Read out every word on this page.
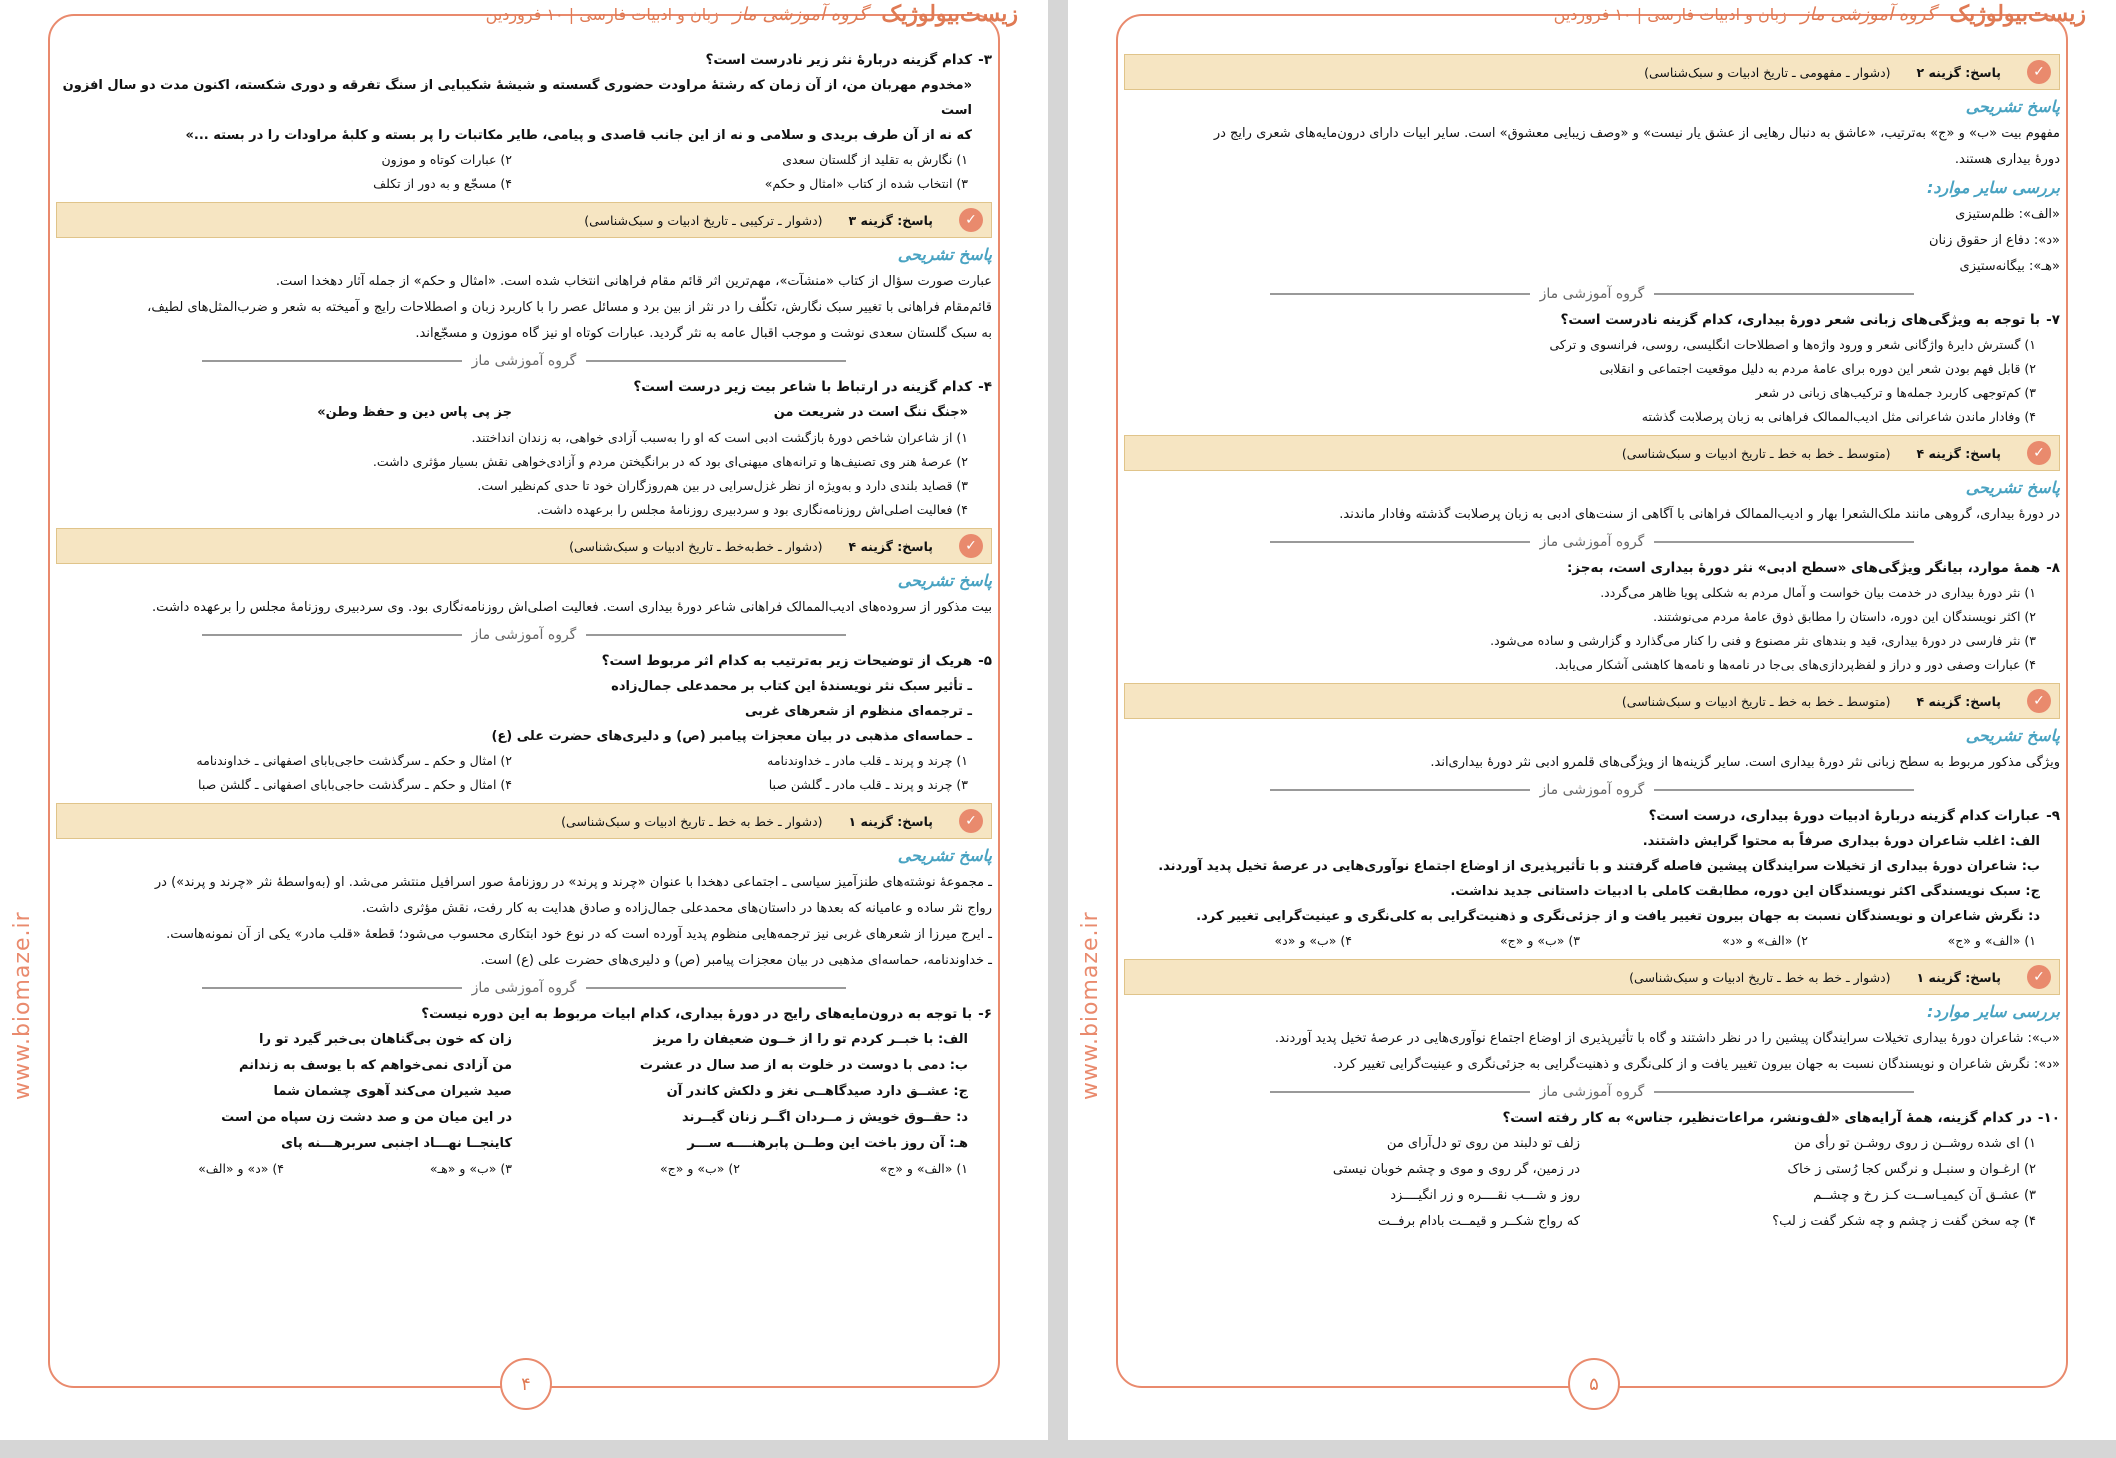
www.biomaze.ir
زیست‌بیولوژیک
گروه آموزشی ماز
زبان و ادبیات فارسی | ۱۰ فروردین
✓
پاسخ: گزینه ۲
(دشوار ـ مفهومی ـ تاریخ ادبیات و سبک‌شناسی)
پاسخ تشریحی
مفهوم بیت «ب» و «ج» به‌ترتیب، «عاشق به دنبال رهایی از عشق یار نیست» و «وصف زیبایی معشوق» است. سایر ابیات دارای درون‌مایه‌های شعری رایج در
دورۀ بیداری هستند.
بررسی سایر موارد:
«الف»: ظلم‌ستیزی
«د»: دفاع از حقوق زنان
«هـ»: بیگانه‌ستیزی
گروه آموزشی ماز
۷-با توجه به ویژگی‌های زبانی شعر دورۀ بیداری، کدام گزینه نادرست است؟
۱) گسترش دایرۀ واژگانی شعر و ورود واژه‌ها و اصطلاحات انگلیسی، روسی، فرانسوی و ترکی
۲) قابل فهم بودن شعر این دوره برای عامۀ مردم به دلیل موقعیت اجتماعی و انقلابی
۳) کم‌توجهی کاربرد جمله‌ها و ترکیب‌های زبانی در شعر
۴) وفادار ماندن شاعرانی مثل ادیب‌الممالک فراهانی به زبان پرصلابت گذشته
✓
پاسخ: گزینه ۴
(متوسط ـ خط به خط ـ تاریخ ادبیات و سبک‌شناسی)
پاسخ تشریحی
در دورۀ بیداری، گروهی مانند ملک‌الشعرا بهار و ادیب‌الممالک فراهانی با آگاهی از سنت‌های ادبی به زبان پرصلابت گذشته وفادار ماندند.
گروه آموزشی ماز
۸-همۀ موارد، بیانگر ویژگی‌های «سطح ادبی» نثر دورۀ بیداری است، به‌جز:
۱) نثر دورۀ بیداری در خدمت بیان خواست و آمال مردم به شکلی پویا ظاهر می‌گردد.
۲) اکثر نویسندگان این دوره، داستان را مطابق ذوق عامۀ مردم می‌نوشتند.
۳) نثر فارسی در دورۀ بیداری، قید و بندهای نثر مصنوع و فنی را کنار می‌گذارد و گزارشی و ساده می‌شود.
۴) عبارات وصفی دور و دراز و لفظ‌پردازی‌های بی‌جا در نامه‌ها و نامه‌ها کاهشی آشکار می‌یابد.
✓
پاسخ: گزینه ۴
(متوسط ـ خط به خط ـ تاریخ ادبیات و سبک‌شناسی)
پاسخ تشریحی
ویژگی مذکور مربوط به سطح زبانی نثر دورۀ بیداری است. سایر گزینه‌ها از ویژگی‌های قلمرو ادبی نثر دورۀ بیداری‌اند.
گروه آموزشی ماز
۹-عبارات کدام گزینه دربارۀ ادبیات دورۀ بیداری، درست است؟
الف: اغلب شاعران دورۀ بیداری صرفاً به محتوا گرایش داشتند.
ب: شاعران دورۀ بیداری از تخیلات سرایندگان پیشین فاصله گرفتند و با تأثیرپذیری از اوضاع اجتماع نوآوری‌هایی در عرصۀ تخیل پدید آوردند.
ج: سبک نویسندگی اکثر نویسندگان این دوره، مطابقت کاملی با ادبیات داستانی جدید نداشت.
د: نگرش شاعران و نویسندگان نسبت به جهان بیرون تغییر یافت و از جزئی‌نگری و ذهنیت‌گرایی به کلی‌نگری و عینیت‌گرایی تغییر کرد.
۱) «الف» و «ج»
۲) «الف» و «د»
۳) «ب» و «ج»
۴) «ب» و «د»
✓
پاسخ: گزینه ۱
(دشوار ـ خط به خط ـ تاریخ ادبیات و سبک‌شناسی)
بررسی سایر موارد:
«ب»: شاعران دورۀ بیداری تخیلات سرایندگان پیشین را در نظر داشتند و گاه با تأثیرپذیری از اوضاع اجتماع نوآوری‌هایی در عرصۀ تخیل پدید آوردند.
«د»: نگرش شاعران و نویسندگان نسبت به جهان بیرون تغییر یافت و از کلی‌نگری و ذهنیت‌گرایی به جزئی‌نگری و عینیت‌گرایی تغییر کرد.
گروه آموزشی ماز
۱۰-در کدام گزینه، همۀ آرایه‌های «لف‌ونشر، مراعات‌نظیر، جناس» به کار رفته است؟
۱) ای شده روشــن ز روی روشـن تو رأی من
زلف تو دلبند من روی تو دل‌آرای من
۲) ارغـوان و سنبـل و نرگس کجا رُستی ز خاک
در زمین، گر روی و موی و چشم خوبان نیستی
۳) عشـق آن کیمیـاســت کـز رخ و چشــم
روز و شـــب نقــــره و زر انگیــــزد
۴) چه سخن گفت ز چشم و چه شکر گفت ز لب؟
که رواج شکــر و قیمــت بادام برفــت
۵
www.biomaze.ir
زیست‌بیولوژیک
گروه آموزشی ماز
زبان و ادبیات فارسی | ۱۰ فروردین
۳-کدام گزینه دربارۀ نثر زیر نادرست است؟
«مخدوم مهربان من، از آن زمان که رشتۀ مراودت حضوری گسسته و شیشۀ شکیبایی از سنگ تفرقه و دوری شکسته، اکنون مدت دو سال افزون است
که نه از آن طرف بریدی و سلامی و نه از این جانب قاصدی و پیامی، طایر مکاتبات را پر بسته و کلبۀ مراودات را در بسته ...»
۱) نگارش به تقلید از گلستان سعدی
۲) عبارات کوتاه و موزون
۳) انتخاب شده از کتاب «امثال و حکم»
۴) مسجّع و به دور از تکلف
✓
پاسخ: گزینه ۳
(دشوار ـ ترکیبی ـ تاریخ ادبیات و سبک‌شناسی)
پاسخ تشریحی
عبارت صورت سؤال از کتاب «منشآت»، مهم‌ترین اثر قائم مقام فراهانی انتخاب شده است. «امثال و حکم» از جمله آثار دهخدا است.
قائم‌مقام فراهانی با تغییر سبک نگارش، تکلّف را در نثر از بین برد و مسائل عصر را با کاربرد زبان و اصطلاحات رایج و آمیخته به شعر و ضرب‌المثل‌های لطیف،
به سبک گلستان سعدی نوشت و موجب اقبال عامه به نثر گردید. عبارات کوتاه او نیز گاه موزون و مسجّع‌اند.
گروه آموزشی ماز
۴-کدام گزینه در ارتباط با شاعر بیت زیر درست است؟
«جنگ ننگ است در شریعت من
جز پی پاس دین و حفظ وطن»
۱) از شاعران شاخص دورۀ بازگشت ادبی است که او را به‌سبب آزادی خواهی، به زندان انداختند.
۲) عرصۀ هنر وی تصنیف‌ها و ترانه‌های میهنی‌ای بود که در برانگیختن مردم و آزادی‌خواهی نقش بسیار مؤثری داشت.
۳) قصاید بلندی دارد و به‌ویژه از نظر غزل‌سرایی در بین هم‌روزگاران خود تا حدی کم‌نظیر است.
۴) فعالیت اصلی‌اش روزنامه‌نگاری بود و سردبیری روزنامۀ مجلس را برعهده داشت.
✓
پاسخ: گزینه ۴
(دشوار ـ خط‌به‌خط ـ تاریخ ادبیات و سبک‌شناسی)
پاسخ تشریحی
بیت مذکور از سروده‌های ادیب‌الممالک فراهانی شاعر دورۀ بیداری است. فعالیت اصلی‌اش روزنامه‌نگاری بود. وی سردبیری روزنامۀ مجلس را برعهده داشت.
گروه آموزشی ماز
۵-هریک از توضیحات زیر به‌ترتیب به کدام اثر مربوط است؟
ـ تأثیر سبک نثر نویسندۀ این کتاب بر محمدعلی جمال‌زاده
ـ ترجمه‌ای منظوم از شعرهای غربی
ـ حماسه‌ای مذهبی در بیان معجزات پیامبر (ص) و دلیری‌های حضرت علی (ع)
۱) چرند و پرند ـ قلب مادر ـ خداوندنامه
۲) امثال و حکم ـ سرگذشت حاجی‌بابای اصفهانی ـ خداوندنامه
۳) چرند و پرند ـ قلب مادر ـ گلشن صبا
۴) امثال و حکم ـ سرگذشت حاجی‌بابای اصفهانی ـ گلشن صبا
✓
پاسخ: گزینه ۱
(دشوار ـ خط به خط ـ تاریخ ادبیات و سبک‌شناسی)
پاسخ تشریحی
ـ مجموعۀ نوشته‌های طنزآمیز سیاسی ـ اجتماعی دهخدا با عنوان «چرند و پرند» در روزنامۀ صور اسرافیل منتشر می‌شد. او (به‌واسطۀ نثر «چرند و پرند») در
رواج نثر ساده و عامیانه که بعدها در داستان‌های محمدعلی جمال‌زاده و صادق هدایت به کار رفت، نقش مؤثری داشت.
ـ ایرج میرزا از شعرهای غربی نیز ترجمه‌هایی منظوم پدید آورده است که در نوع خود ابتکاری محسوب می‌شود؛ قطعۀ «قلب مادر» یکی از آن نمونه‌هاست.
ـ خداوندنامه، حماسه‌ای مذهبی در بیان معجزات پیامبر (ص) و دلیری‌های حضرت علی (ع) است.
گروه آموزشی ماز
۶-با توجه به درون‌مایه‌های رایج در دورۀ بیداری، کدام ابیات مربوط به این دوره نیست؟
الف: با خبــر کردم تو را از خــون ضعیفان را مریز
زان که خون بی‌گناهان بی‌خبر گیرد تو را
ب: دمی با دوست در خلوت به از صد سال در عشرت
من آزادی نمی‌خواهم که با یوسف به زندانم
ج: عشــق دارد صیدگاهــی نغز و دلکش کاندر آن
صید شیران می‌کند آهوی چشمان شما
د: حقــوق خویش ز مــردان اگــر زنان گیــرند
در این میان من و صد دشت زن سپاه من است
هـ: آن روز باخت این وطــن پابرهنــــه ســـر
کاینجــا نهـــاد اجنبی سربرهـــنه پای
۱) «الف» و «ج»
۲) «ب» و «ج»
۳) «ب» و «هـ»
۴) «د» و «الف»
۴
